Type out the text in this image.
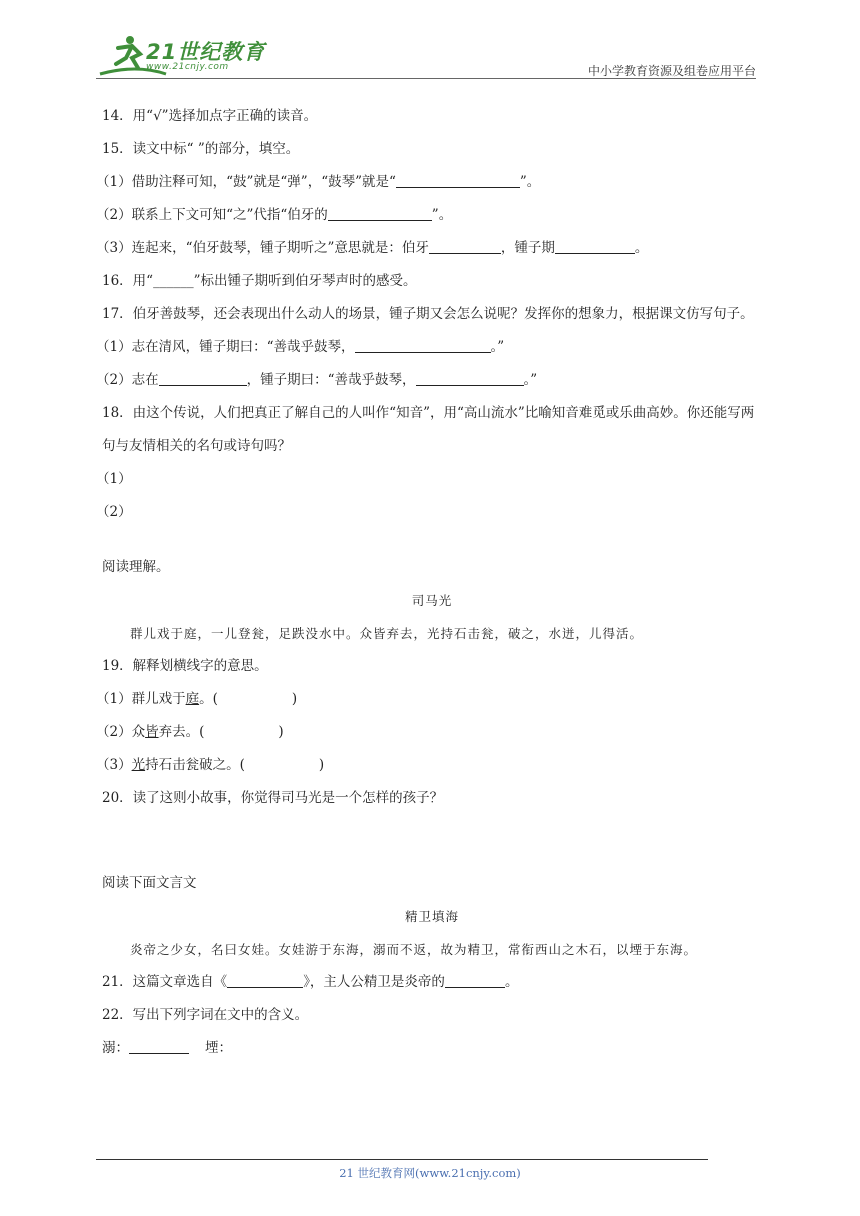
21世纪教育
www.21cnjy.com	中小学教育资源及组卷应用平台
14．用“√”选择加点字正确的读音。
15．读文中标“ ”的部分，填空。
（1）借助注释可知，“鼓”就是“弹”，“鼓琴”就是“	”。
（2）联系上下文可知“之”代指“伯牙的	”。
（3）连起来，“伯牙鼓琴，锺子期听之”意思就是：伯牙	，锺子期	。
16．用“______”标出锺子期听到伯牙琴声时的感受。
17．伯牙善鼓琴，还会表现出什么动人的场景，锺子期又会怎么说呢？发挥你的想象力，根据课文仿写句子。
（1）志在清风，锺子期曰：“善哉乎鼓琴，	。”
（2）志在	，锺子期曰：“善哉乎鼓琴，	。”
18．由这个传说，人们把真正了解自己的人叫作“知音”，用“高山流水”比喻知音难觅或乐曲高妙。你还能写两句与友情相关的名句或诗句吗？
（1）
（2）
阅读理解。
司马光
群儿戏于庭，一儿登瓮，足跌没水中。众皆弃去，光持石击瓮，破之，水迸，儿得活。
19．解释划横线字的意思。
（1）群儿戏于庭。(	)
（2）众皆弃去。(	)
（3）光持石击瓮破之。(	)
20．读了这则小故事，你觉得司马光是一个怎样的孩子？
阅读下面文言文
精卫填海
炎帝之少女，名曰女娃。女娃游于东海，溺而不返，故为精卫，常衔西山之木石，以堙于东海。
21．这篇文章选自《	》，主人公精卫是炎帝的	。
22．写出下列字词在文中的含义。
溺：	堙：
21 世纪教育网(www.21cnjy.com)
